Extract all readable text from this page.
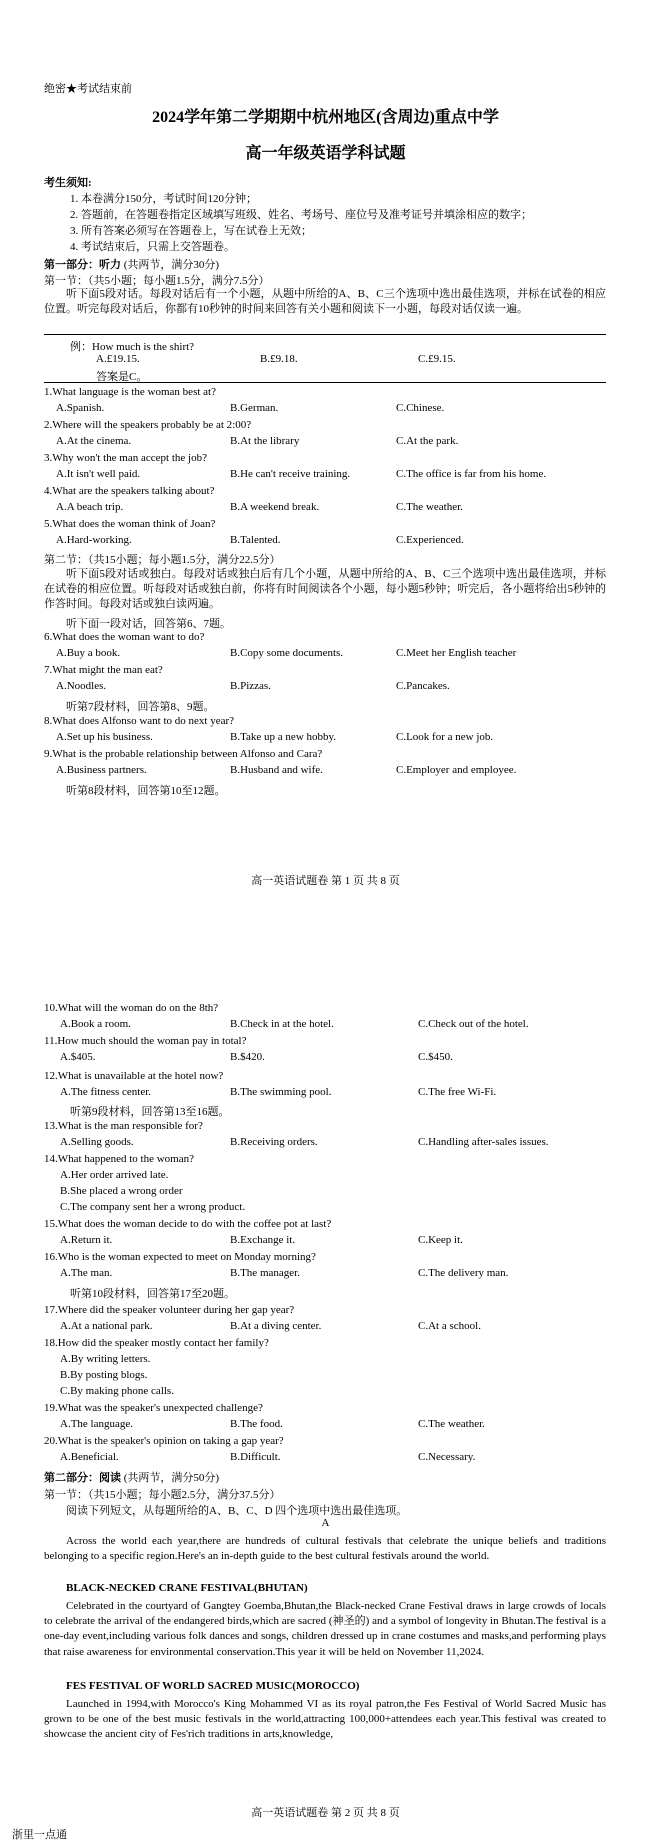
绝密★考试结束前
2024学年第二学期期中杭州地区(含周边)重点中学
高一年级英语学科试题
考生须知:
1. 本卷满分150分，考试时间120分钟；
2. 答题前，在答题卷指定区域填写班级、姓名、考场号、座位号及准考证号并填涂相应的数字；
3. 所有答案必须写在答题卷上，写在试卷上无效；
4. 考试结束后，只需上交答题卷。
第一部分：听力 (共两节，满分30分)
第一节：（共5小题；每小题1.5分，满分7.5分）
听下面5段对话。每段对话后有一个小题，从题中所给的A、B、C三个选项中选出最佳选项，并标在试卷的相应位置。听完每段对话后，你都有10秒钟的时间来回答有关小题和阅读下一小题，每段对话仅读一遍。
例：How much is the shirt?
A.£19.15.	B.£9.18.	C.£9.15.
答案是C。
1.What language is the woman best at?
A.Spanish.	B.German.	C.Chinese.
2.Where will the speakers probably be at 2:00?
A.At the cinema.	B.At the library	C.At the park.
3.Why won't the man accept the job?
A.It isn't well paid.	B.He can't receive training.	C.The office is far from his home.
4.What are the speakers talking about?
A.A beach trip.	B.A weekend break.	C.The weather.
5.What does the woman think of Joan?
A.Hard-working.	B.Talented.	C.Experienced.
第二节：（共15小题；每小题1.5分，满分22.5分）
听下面5段对话或独白。每段对话或独白后有几个小题，从题中所给的A、B、C三个选项中选出最佳选项，并标在试卷的相应位置。听每段对话或独白前，你将有时间阅读各个小题，每小题5秒钟；听完后，各小题将给出5秒钟的作答时间。每段对话或独白读两遍。
听下面一段对话，回答第6、7题。
6.What does the woman want to do?
A.Buy a book.	B.Copy some documents.	C.Meet her English teacher
7.What might the man eat?
A.Noodles.	B.Pizzas.	C.Pancakes.
听第7段材料，回答第8、9题。
8.What does Alfonso want to do next year?
A.Set up his business.	B.Take up a new hobby.	C.Look for a new job.
9.What is the probable relationship between Alfonso and Cara?
A.Business partners.	B.Husband and wife.	C.Employer and employee.
听第8段材料，回答第10至12题。
高一英语试题卷 第 1 页 共 8 页
10.What will the woman do on the 8th?
A.Book a room.	B.Check in at the hotel.	C.Check out of the hotel.
11.How much should the woman pay in total?
A.$405.	B.$420.	C.$450.
12.What is unavailable at the hotel now?
A.The fitness center.	B.The swimming pool.	C.The free Wi-Fi.
听第9段材料，回答第13至16题。
13.What is the man responsible for?
A.Selling goods.	B.Receiving orders.	C.Handling after-sales issues.
14.What happened to the woman?
A.Her order arrived late.
B.She placed a wrong order
C.The company sent her a wrong product.
15.What does the woman decide to do with the coffee pot at last?
A.Return it.	B.Exchange it.	C.Keep it.
16.Who is the woman expected to meet on Monday morning?
A.The man.	B.The manager.	C.The delivery man.
听第10段材料，回答第17至20题。
17.Where did the speaker volunteer during her gap year?
A.At a national park.	B.At a diving center.	C.At a school.
18.How did the speaker mostly contact her family?
A.By writing letters.
B.By posting blogs.
C.By making phone calls.
19.What was the speaker's unexpected challenge?
A.The language.	B.The food.	C.The weather.
20.What is the speaker's opinion on taking a gap year?
A.Beneficial.	B.Difficult.	C.Necessary.
第二部分：阅读 (共两节，满分50分)
第一节：（共15小题；每小题2.5分，满分37.5分）
阅读下列短文，从每题所给的A、B、C、D 四个选项中选出最佳选项。
A
Across the world each year,there are hundreds of cultural festivals that celebrate the unique beliefs and traditions belonging to a specific region.Here's an in-depth guide to the best cultural festivals around the world.
BLACK-NECKED CRANE FESTIVAL(BHUTAN)
Celebrated in the courtyard of Gangtey Goemba,Bhutan,the Black-necked Crane Festival draws in large crowds of locals to celebrate the arrival of the endangered birds,which are sacred (神圣的) and a symbol of longevity in Bhutan.The festival is a one-day event,including various folk dances and songs, children dressed up in crane costumes and masks,and performing plays that raise awareness for environmental conservation.This year it will be held on November 11,2024.
FES FESTIVAL OF WORLD SACRED MUSIC(MOROCCO)
Launched in 1994,with Morocco's King Mohammed VI as its royal patron,the Fes Festival of World Sacred Music has grown to be one of the best music festivals in the world,attracting 100,000+attendees each year.This festival was created to showcase the ancient city of Fes'rich traditions in arts,knowledge,
高一英语试题卷 第 2 页 共 8 页
浙里一点通
